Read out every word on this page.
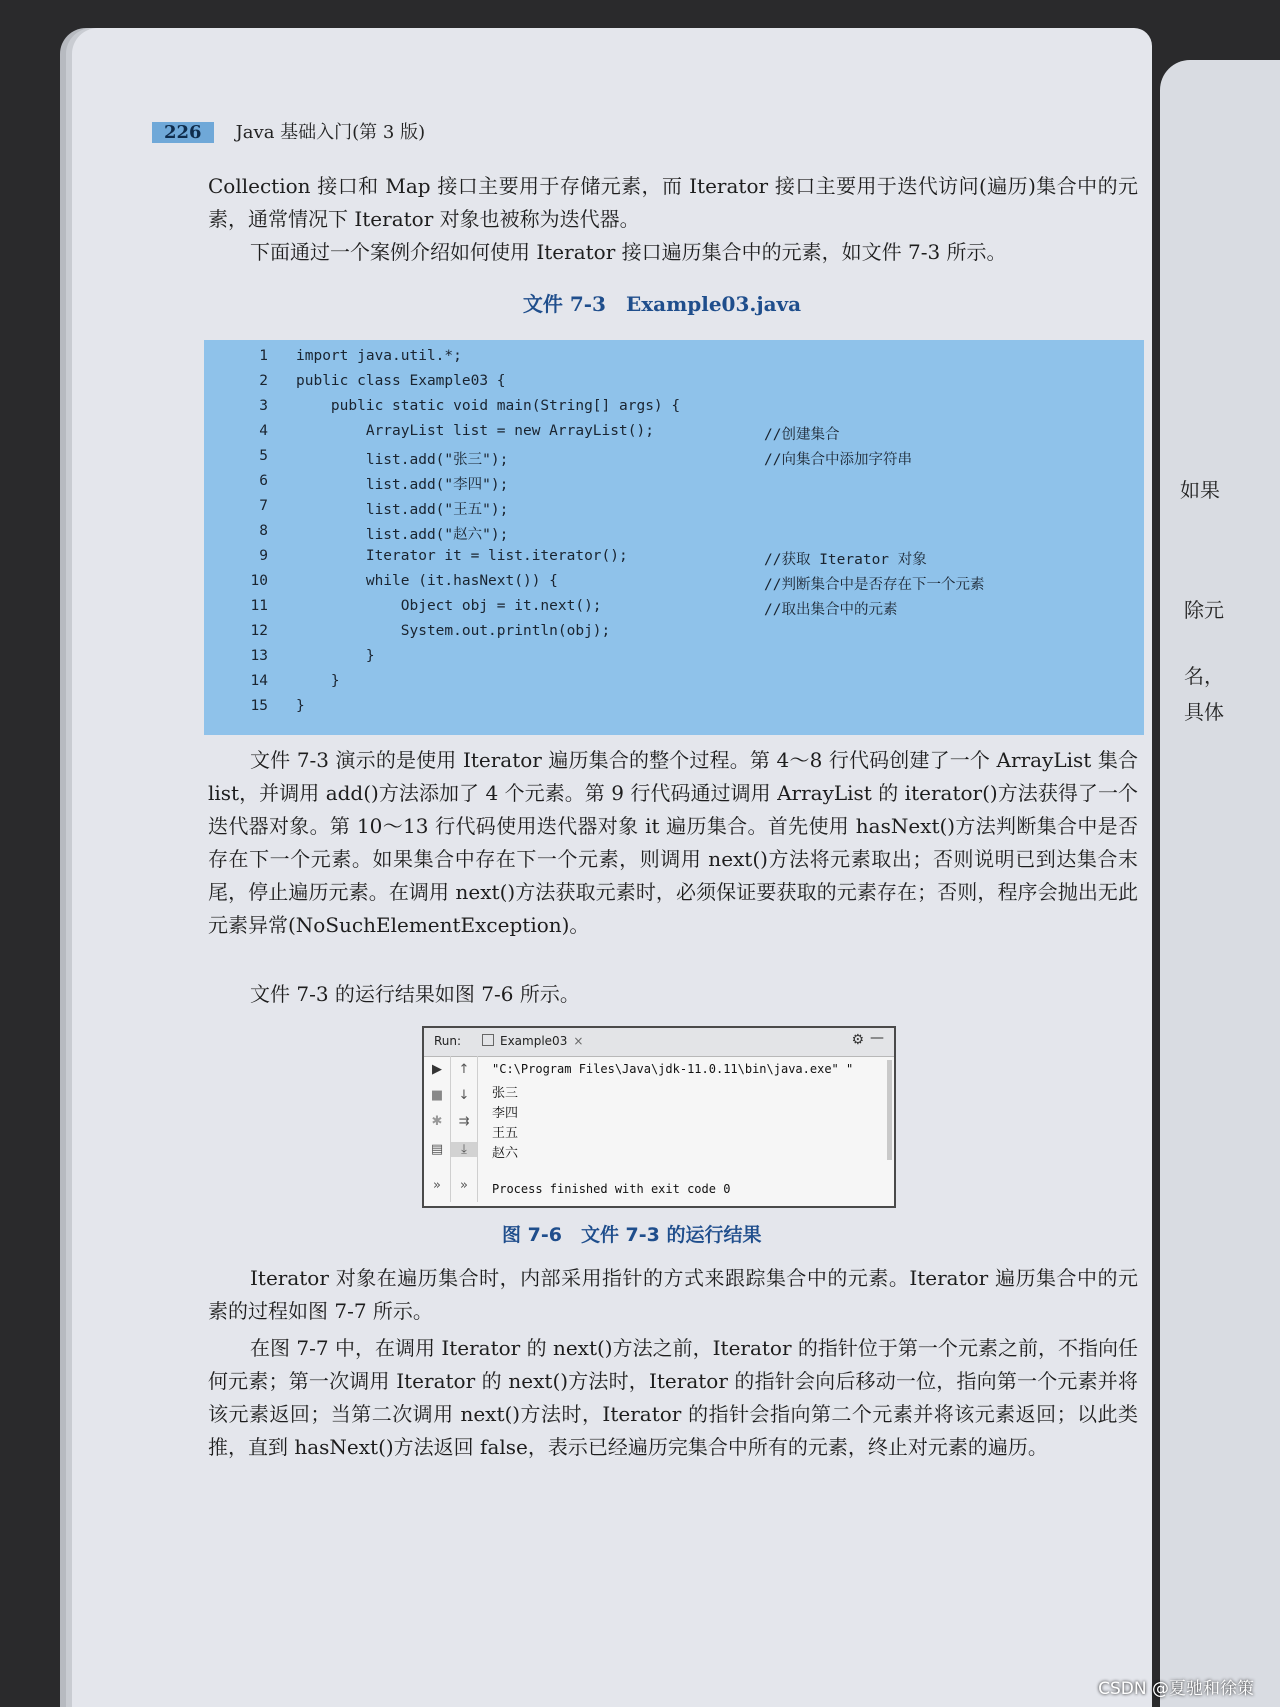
如果
除元
名，
具体
226 Java 基础入门(第 3 版)

Collection 接口和 Map 接口主要用于存储元素，而 Iterator 接口主要用于迭代访问(遍历)集合中的元素，通常情况下 Iterator 对象也被称为迭代器。

下面通过一个案例介绍如何使用 Iterator 接口遍历集合中的元素，如文件 7-3 所示。

文件 7-3　Example03.java
1 import java.util.*;
2 public class Example03 {
3 public static void main(String[] args) {
4 ArrayList list = new ArrayList();	//创建集合
5 list.add("张三");	//向集合中添加字符串
6 list.add("李四");
7 list.add("王五");
8 list.add("赵六");
9 Iterator it = list.iterator();	//获取 Iterator 对象
10 while (it.hasNext()) {	//判断集合中是否存在下一个元素
11 Object obj = it.next();	//取出集合中的元素
12 System.out.println(obj);
13 }
14 }
15 }

文件 7-3 演示的是使用 Iterator 遍历集合的整个过程。第 4～8 行代码创建了一个 ArrayList 集合 list，并调用 add()方法添加了 4 个元素。第 9 行代码通过调用 ArrayList 的 iterator()方法获得了一个迭代器对象。第 10～13 行代码使用迭代器对象 it 遍历集合。首先使用 hasNext()方法判断集合中是否存在下一个元素。如果集合中存在下一个元素，则调用 next()方法将元素取出；否则说明已到达集合末尾，停止遍历元素。在调用 next()方法获取元素时，必须保证要获取的元素存在；否则，程序会抛出无此元素异常(NoSuchElementException)。

文件 7-3 的运行结果如图 7-6 所示。

Run:	Example03 ×	⚙ —
▶
■
✱
▤
»
↑
↓
⇉
⤓
»
"C:\Program Files\Java\jdk-11.0.11\bin\java.exe" "
张三
李四
王五
赵六
Process finished with exit code 0
图 7-6　文件 7-3 的运行结果

Iterator 对象在遍历集合时，内部采用指针的方式来跟踪集合中的元素。Iterator 遍历集合中的元素的过程如图 7-7 所示。

在图 7-7 中，在调用 Iterator 的 next()方法之前，Iterator 的指针位于第一个元素之前，不指向任何元素；第一次调用 Iterator 的 next()方法时，Iterator 的指针会向后移动一位，指向第一个元素并将该元素返回；当第二次调用 next()方法时，Iterator 的指针会指向第二个元素并将该元素返回；以此类推，直到 hasNext()方法返回 false，表示已经遍历完集合中所有的元素，终止对元素的遍历。

CSDN @夏驰和徐策
